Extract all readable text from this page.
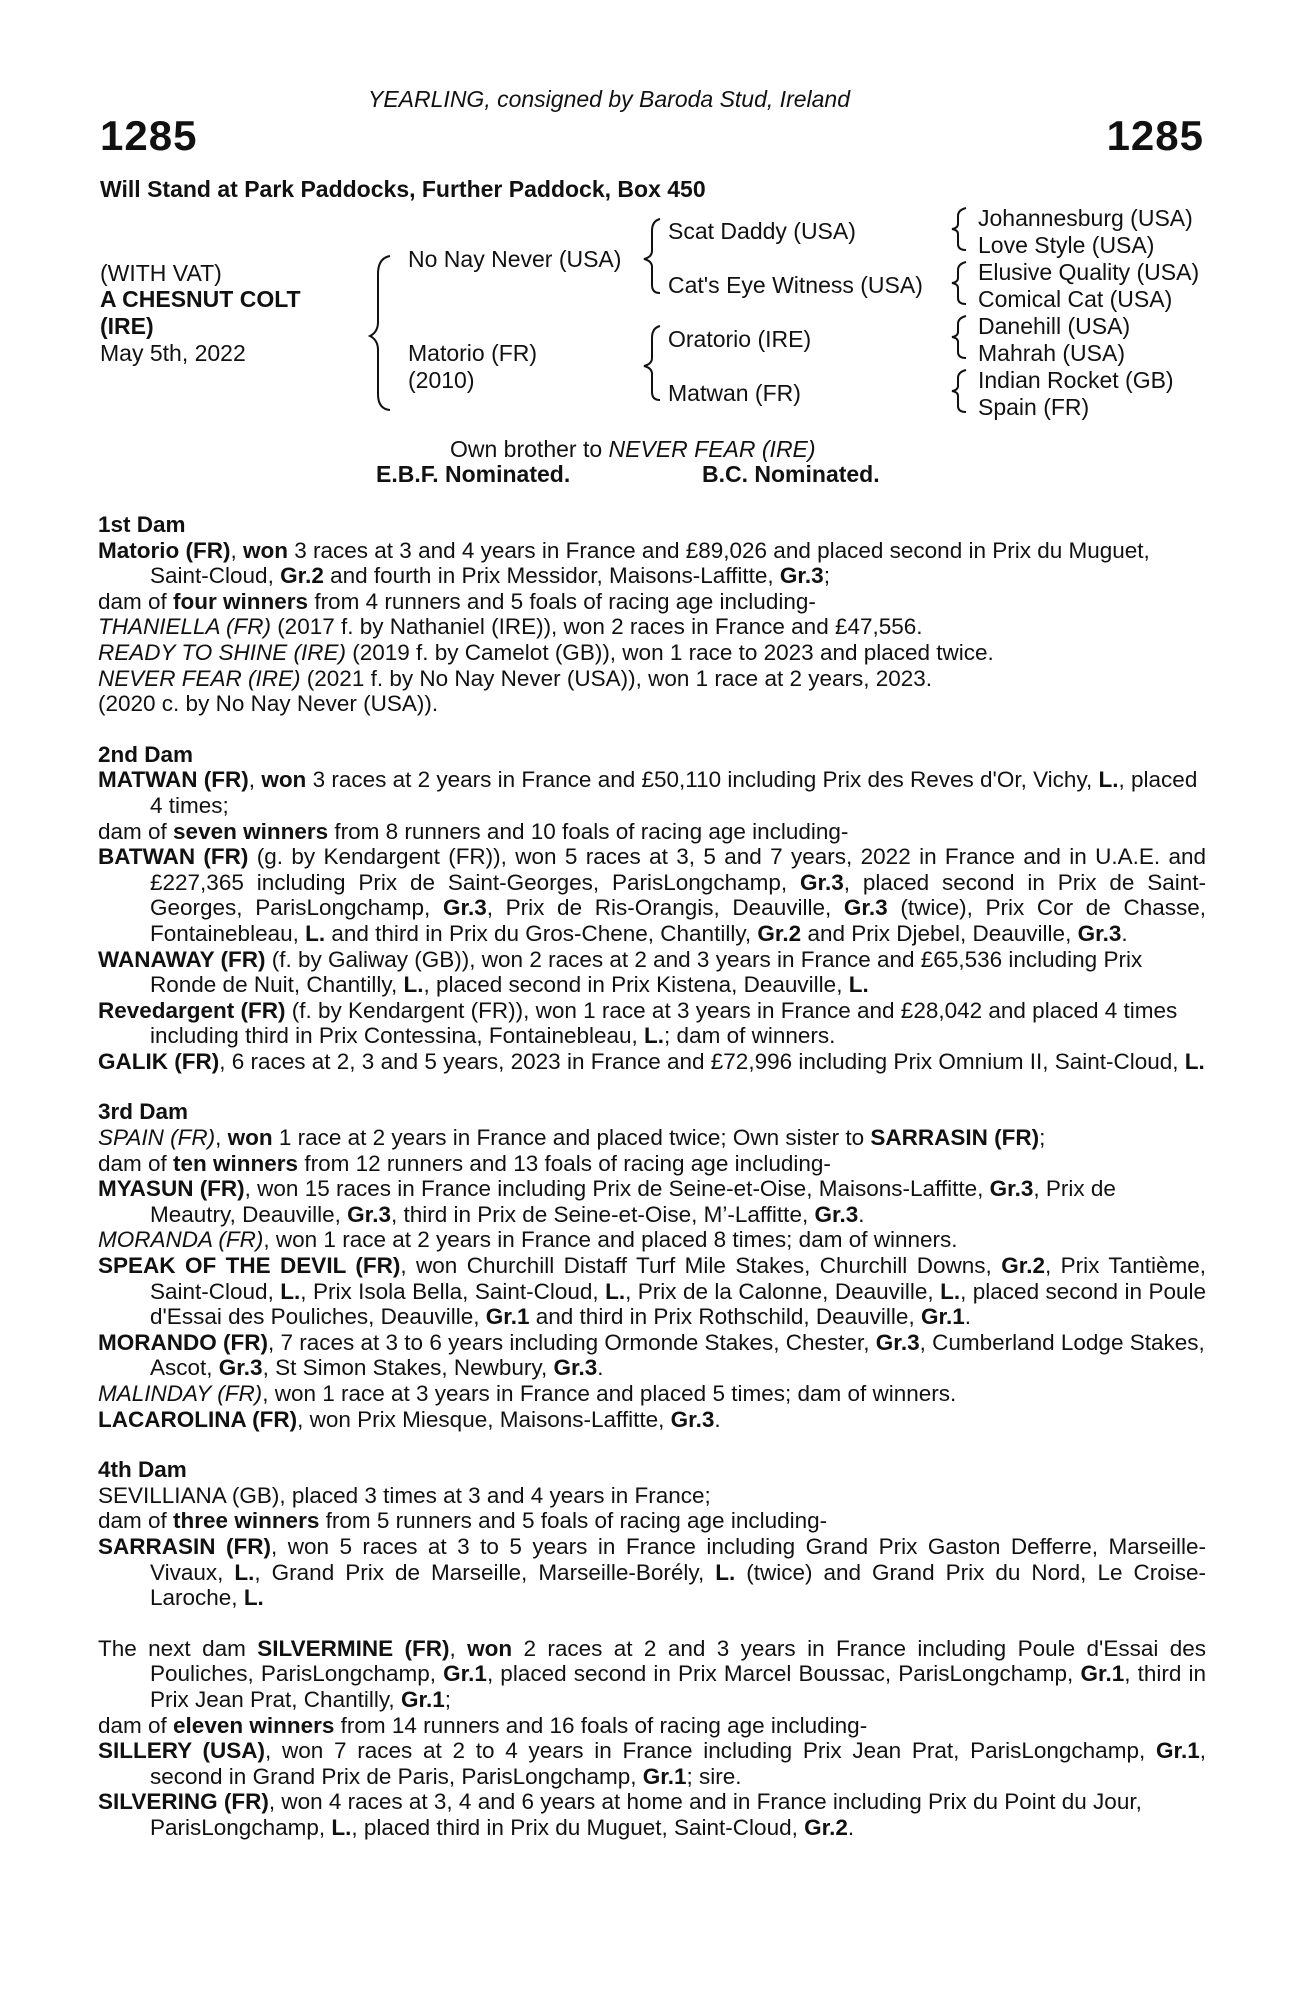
YEARLING, consigned by Baroda Stud, Ireland
1285	1285
Will Stand at Park Paddocks, Further Paddock, Box 450
(WITH VAT)
A CHESNUT COLT
(IRE)
May 5th, 2022
No Nay Never (USA)
Matorio (FR)
(2010)
Scat Daddy (USA)
Cat's Eye Witness (USA)
Oratorio (IRE)
Matwan (FR)
Johannesburg (USA)
Love Style (USA)
Elusive Quality (USA)
Comical Cat (USA)
Danehill (USA)
Mahrah (USA)
Indian Rocket (GB)
Spain (FR)
Own brother to NEVER FEAR (IRE)
E.B.F. Nominated.	B.C. Nominated.

1st Dam

Matorio (FR), won 3 races at 3 and 4 years in France and £89,026 and placed second in Prix du Muguet, Saint-Cloud, Gr.2 and fourth in Prix Messidor, Maisons-Laffitte, Gr.3;

dam of four winners from 4 runners and 5 foals of racing age including-

THANIELLA (FR) (2017 f. by Nathaniel (IRE)), won 2 races in France and £47,556.

READY TO SHINE (IRE) (2019 f. by Camelot (GB)), won 1 race to 2023 and placed twice.

NEVER FEAR (IRE) (2021 f. by No Nay Never (USA)), won 1 race at 2 years, 2023.

(2020 c. by No Nay Never (USA)).

2nd Dam

MATWAN (FR), won 3 races at 2 years in France and £50,110 including Prix des Reves d'Or, Vichy, L., placed 4 times;

dam of seven winners from 8 runners and 10 foals of racing age including-

BATWAN (FR) (g. by Kendargent (FR)), won 5 races at 3, 5 and 7 years, 2022 in France and in U.A.E. and £227,365 including Prix de Saint-Georges, ParisLongchamp, Gr.3, placed second in Prix de Saint-Georges, ParisLongchamp, Gr.3, Prix de Ris-Orangis, Deauville, Gr.3 (twice), Prix Cor de Chasse, Fontainebleau, L. and third in Prix du Gros-Chene, Chantilly, Gr.2 and Prix Djebel, Deauville, Gr.3.

WANAWAY (FR) (f. by Galiway (GB)), won 2 races at 2 and 3 years in France and £65,536 including Prix Ronde de Nuit, Chantilly, L., placed second in Prix Kistena, Deauville, L.

Revedargent (FR) (f. by Kendargent (FR)), won 1 race at 3 years in France and £28,042 and placed 4 times including third in Prix Contessina, Fontainebleau, L.; dam of winners.

GALIK (FR), 6 races at 2, 3 and 5 years, 2023 in France and £72,996 including Prix Omnium II, Saint-Cloud, L.

3rd Dam

SPAIN (FR), won 1 race at 2 years in France and placed twice; Own sister to SARRASIN (FR);

dam of ten winners from 12 runners and 13 foals of racing age including-

MYASUN (FR), won 15 races in France including Prix de Seine-et-Oise, Maisons-Laffitte, Gr.3, Prix de Meautry, Deauville, Gr.3, third in Prix de Seine-et-Oise, M’-Laffitte, Gr.3.

MORANDA (FR), won 1 race at 2 years in France and placed 8 times; dam of winners.

SPEAK OF THE DEVIL (FR), won Churchill Distaff Turf Mile Stakes, Churchill Downs, Gr.2, Prix Tantième, Saint-Cloud, L., Prix Isola Bella, Saint-Cloud, L., Prix de la Calonne, Deauville, L., placed second in Poule d'Essai des Pouliches, Deauville, Gr.1 and third in Prix Rothschild, Deauville, Gr.1.

MORANDO (FR), 7 races at 3 to 6 years including Ormonde Stakes, Chester, Gr.3, Cumberland Lodge Stakes, Ascot, Gr.3, St Simon Stakes, Newbury, Gr.3.

MALINDAY (FR), won 1 race at 3 years in France and placed 5 times; dam of winners.

LACAROLINA (FR), won Prix Miesque, Maisons-Laffitte, Gr.3.

4th Dam

SEVILLIANA (GB), placed 3 times at 3 and 4 years in France;

dam of three winners from 5 runners and 5 foals of racing age including-

SARRASIN (FR), won 5 races at 3 to 5 years in France including Grand Prix Gaston Defferre, Marseille-Vivaux, L., Grand Prix de Marseille, Marseille-Borély, L. (twice) and Grand Prix du Nord, Le Croise-Laroche, L.

The next dam SILVERMINE (FR), won 2 races at 2 and 3 years in France including Poule d'Essai des Pouliches, ParisLongchamp, Gr.1, placed second in Prix Marcel Boussac, ParisLongchamp, Gr.1, third in Prix Jean Prat, Chantilly, Gr.1;

dam of eleven winners from 14 runners and 16 foals of racing age including-

SILLERY (USA), won 7 races at 2 to 4 years in France including Prix Jean Prat, ParisLongchamp, Gr.1, second in Grand Prix de Paris, ParisLongchamp, Gr.1; sire.

SILVERING (FR), won 4 races at 3, 4 and 6 years at home and in France including Prix du Point du Jour, ParisLongchamp, L., placed third in Prix du Muguet, Saint-Cloud, Gr.2.
